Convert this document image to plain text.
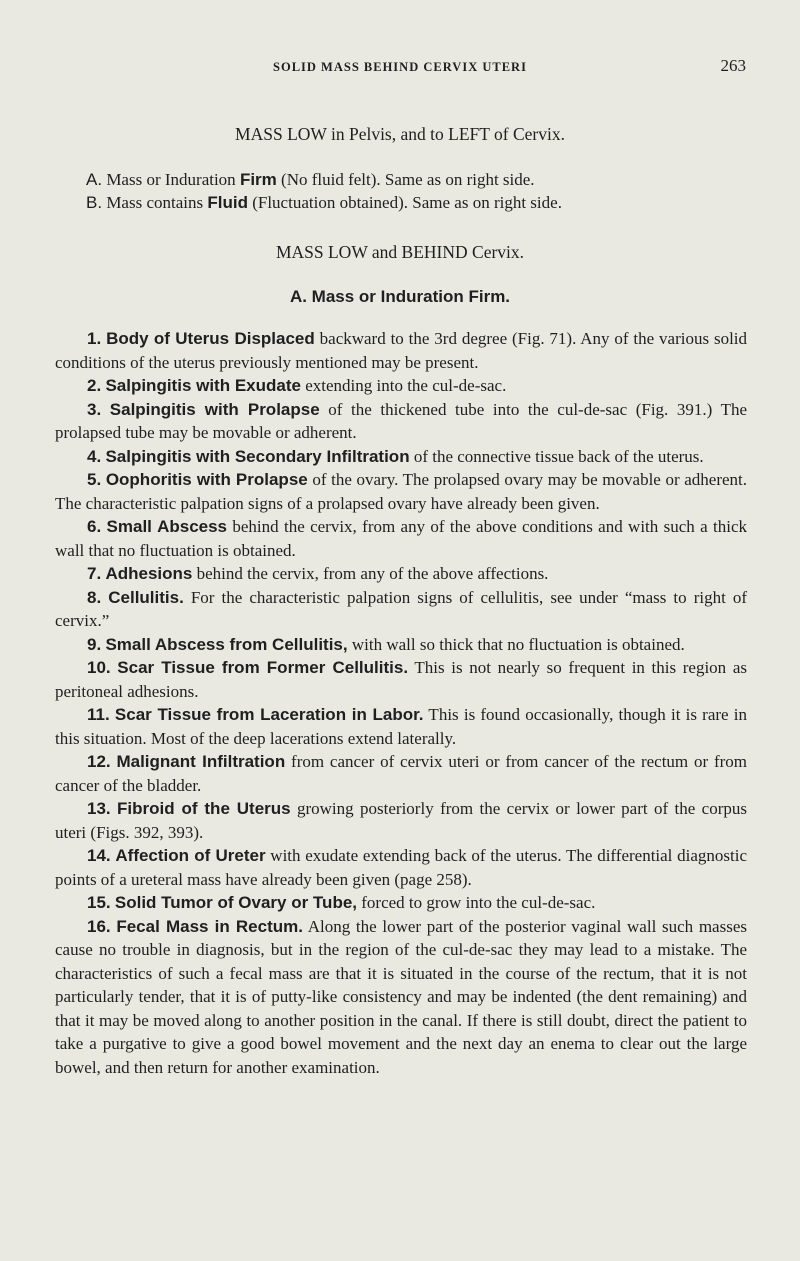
SOLID MASS BEHIND CERVIX UTERI	263

MASS LOW in Pelvis, and to LEFT of Cervix.

A. Mass or Induration Firm (No fluid felt). Same as on right side.
B. Mass contains Fluid (Fluctuation obtained). Same as on right side.

MASS LOW and BEHIND Cervix.

A. Mass or Induration Firm.

1. Body of Uterus Displaced backward to the 3rd degree (Fig. 71). Any of the various solid conditions of the uterus previously mentioned may be present.

2. Salpingitis with Exudate extending into the cul-de-sac.

3. Salpingitis with Prolapse of the thickened tube into the cul-de-sac (Fig. 391.) The prolapsed tube may be movable or adherent.

4. Salpingitis with Secondary Infiltration of the connective tissue back of the uterus.

5. Oophoritis with Prolapse of the ovary. The prolapsed ovary may be movable or adherent. The characteristic palpation signs of a prolapsed ovary have already been given.

6. Small Abscess behind the cervix, from any of the above conditions and with such a thick wall that no fluctuation is obtained.

7. Adhesions behind the cervix, from any of the above affections.

8. Cellulitis. For the characteristic palpation signs of cellulitis, see under “mass to right of cervix.”

9. Small Abscess from Cellulitis, with wall so thick that no fluctuation is obtained.

10. Scar Tissue from Former Cellulitis. This is not nearly so frequent in this region as peritoneal adhesions.

11. Scar Tissue from Laceration in Labor. This is found occasionally, though it is rare in this situation. Most of the deep lacerations extend laterally.

12. Malignant Infiltration from cancer of cervix uteri or from cancer of the rectum or from cancer of the bladder.

13. Fibroid of the Uterus growing posteriorly from the cervix or lower part of the corpus uteri (Figs. 392, 393).

14. Affection of Ureter with exudate extending back of the uterus. The differential diagnostic points of a ureteral mass have already been given (page 258).

15. Solid Tumor of Ovary or Tube, forced to grow into the cul-de-sac.

16. Fecal Mass in Rectum. Along the lower part of the posterior vaginal wall such masses cause no trouble in diagnosis, but in the region of the cul-de-sac they may lead to a mistake. The characteristics of such a fecal mass are that it is situated in the course of the rectum, that it is not particularly tender, that it is of putty-like consistency and may be indented (the dent remaining) and that it may be moved along to another position in the canal. If there is still doubt, direct the patient to take a purgative to give a good bowel movement and the next day an enema to clear out the large bowel, and then return for another examination.
